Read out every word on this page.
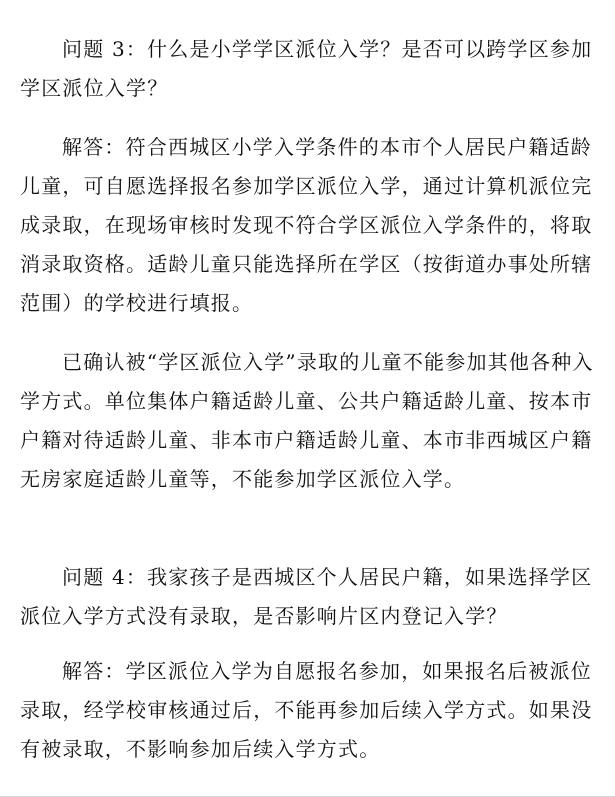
问题 3：什么是小学学区派位入学？是否可以跨学区参加学区派位入学？

解答：符合西城区小学入学条件的本市个人居民户籍适龄儿童，可自愿选择报名参加学区派位入学，通过计算机派位完成录取，在现场审核时发现不符合学区派位入学条件的，将取消录取资格。适龄儿童只能选择所在学区（按街道办事处所辖范围）的学校进行填报。

已确认被“学区派位入学”录取的儿童不能参加其他各种入学方式。单位集体户籍适龄儿童、公共户籍适龄儿童、按本市户籍对待适龄儿童、非本市户籍适龄儿童、本市非西城区户籍无房家庭适龄儿童等，不能参加学区派位入学。

问题 4：我家孩子是西城区个人居民户籍，如果选择学区派位入学方式没有录取，是否影响片区内登记入学？

解答：学区派位入学为自愿报名参加，如果报名后被派位录取，经学校审核通过后，不能再参加后续入学方式。如果没有被录取，不影响参加后续入学方式。
